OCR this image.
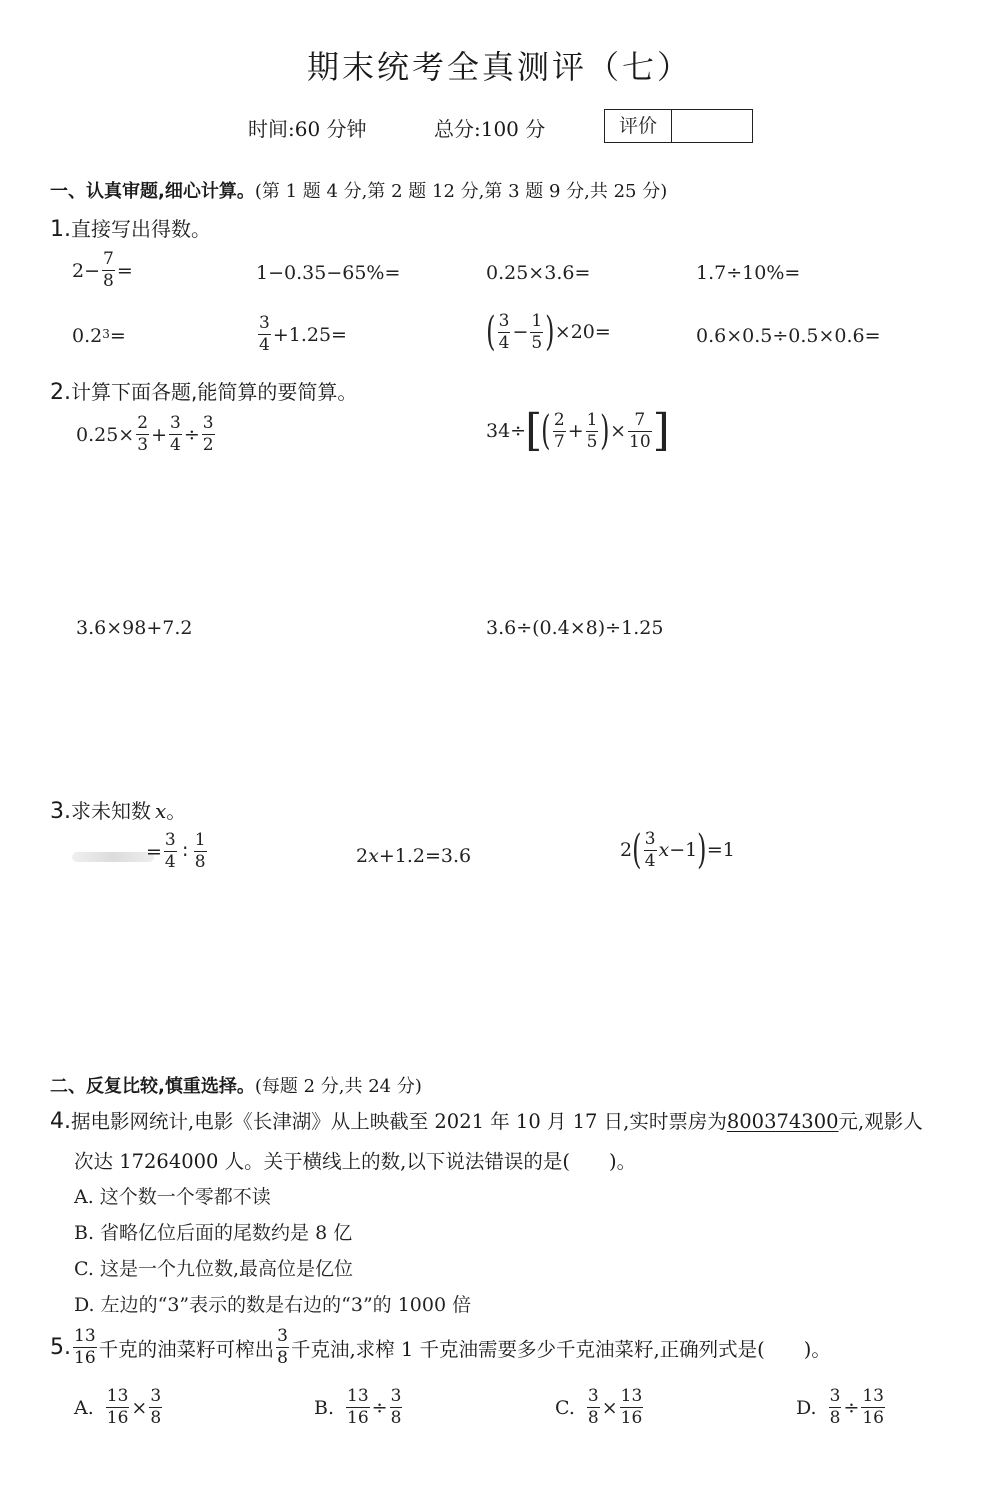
期末统考全真测评（七）
时间:60 分钟	总分:100 分	评价
一、认真审题,细心计算。(第 1 题 4 分,第 2 题 12 分,第 3 题 9 分,共 25 分)
1.直接写出得数。
$2 - \frac{7}{8}$ =	1−0.35−65%=	0.25×3.6=	1.7÷10%=
$0.2^3$ =	$\frac{3}{4} +1.25=$	( $\frac{3}{4} - \frac{1}{5}$ ) ×20=	0.6×0.5÷0.5×0.6=
2.计算下面各题,能简算的要简算。
$0.25\times \frac{2}{3} + \frac{3}{4} \div \frac{3}{2}$	34÷ [ ( $\frac{2}{7} + \frac{1}{5}$ ) × $\frac{7}{10}$ ]
3.6×98+7.2	3.6÷(0.4×8)÷1.25
3.求未知数 x。
= $\frac{3}{4}$ ∶ $\frac{1}{8}$	2 x +1.2=3.6	2 ( $\frac{3}{4}$ x −1 ) =1
二、反复比较,慎重选择。(每题 2 分,共 24 分)
4.据电影网统计,电影《长津湖》从上映截至 2021 年 10 月 17 日,实时票房为800374300元,观影人
次达 17264000 人。关于横线上的数,以下说法错误的是(　　)。
A. 这个数一个零都不读
B. 省略亿位后面的尾数约是 8 亿
C. 这是一个九位数,最高位是亿位
D. 左边的“3”表示的数是右边的“3”的 1000 倍
5. $\frac{13}{16}$ 千克的油菜籽可榨出 $\frac{3}{8}$ 千克油,求榨 1 千克油需要多少千克油菜籽,正确列式是(　　)。
A. $\frac{13}{16} \times \frac{3}{8}$	B. $\frac{13}{16} \div \frac{3}{8}$	C. $\frac{3}{8} \times \frac{13}{16}$	D. $\frac{3}{8} \div \frac{13}{16}$
